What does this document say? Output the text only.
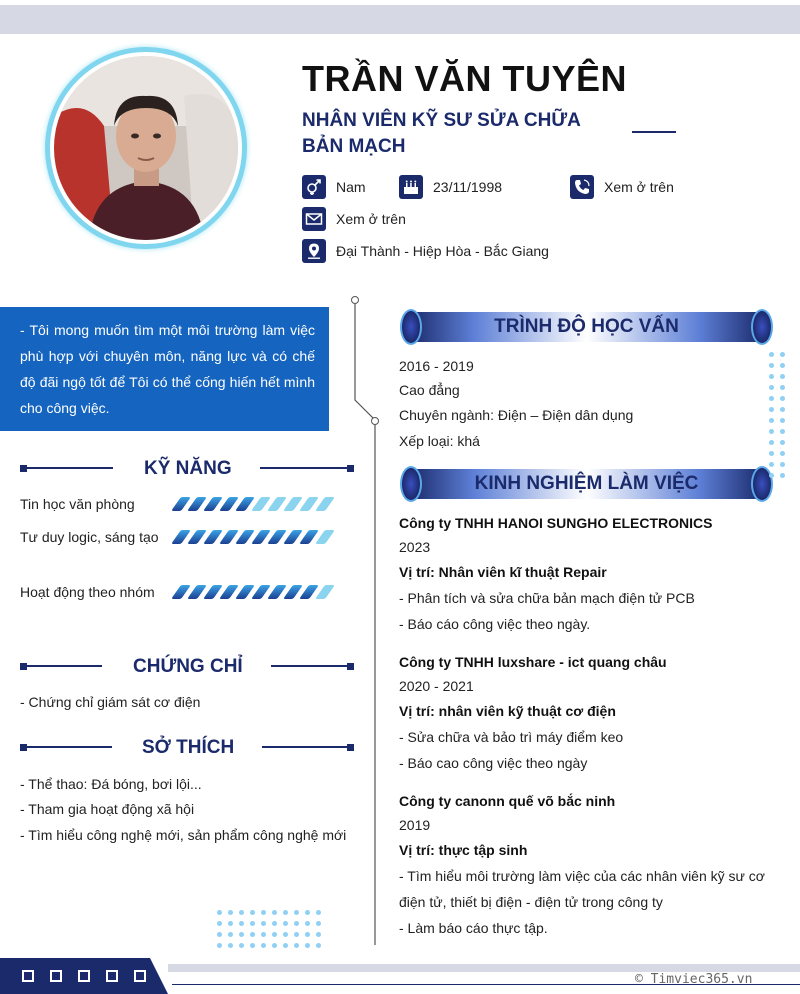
TRẦN VĂN TUYÊN
NHÂN VIÊN KỸ SƯ SỬA CHỮA BẢN MẠCH
Nam	23/11/1998	Xem ở trên
Xem ở trên
Đại Thành - Hiệp Hòa - Bắc Giang
- Tôi mong muốn tìm một môi trường làm việc phù hợp với chuyên môn, năng lực và có chế độ đãi ngộ tốt để Tôi có thể cống hiến hết mình cho công việc.
KỸ NĂNG
Tin học văn phòng
Tư duy logic, sáng tạo
Hoạt động theo nhóm
CHỨNG CHỈ
- Chứng chỉ giám sát cơ điện
SỞ THÍCH
- Thể thao: Đá bóng, bơi lội...
- Tham gia hoạt động xã hội
- Tìm hiểu công nghệ mới, sản phẩm công nghệ mới
TRÌNH ĐỘ HỌC VẤN
2016 - 2019
Cao đẳng
Chuyên ngành: Điện – Điện dân dụng
Xếp loại: khá
KINH NGHIỆM LÀM VIỆC
Công ty TNHH HANOI SUNGHO ELECTRONICS
2023
Vị trí: Nhân viên kĩ thuật Repair
- Phân tích và sửa chữa bản mạch điện tử PCB
- Báo cáo công việc theo ngày.
Công ty TNHH luxshare - ict quang châu
2020 - 2021
Vị trí: nhân viên kỹ thuật cơ điện
- Sửa chữa và bảo trì máy điểm keo
- Báo cao công việc theo ngày
Công ty canonn quế võ bắc ninh
2019
Vị trí: thực tập sinh
- Tìm hiểu môi trường làm việc của các nhân viên kỹ sư cơ
điện tử, thiết bị điện - điện tử trong công ty
- Làm báo cáo thực tập.
© Timviec365.vn
